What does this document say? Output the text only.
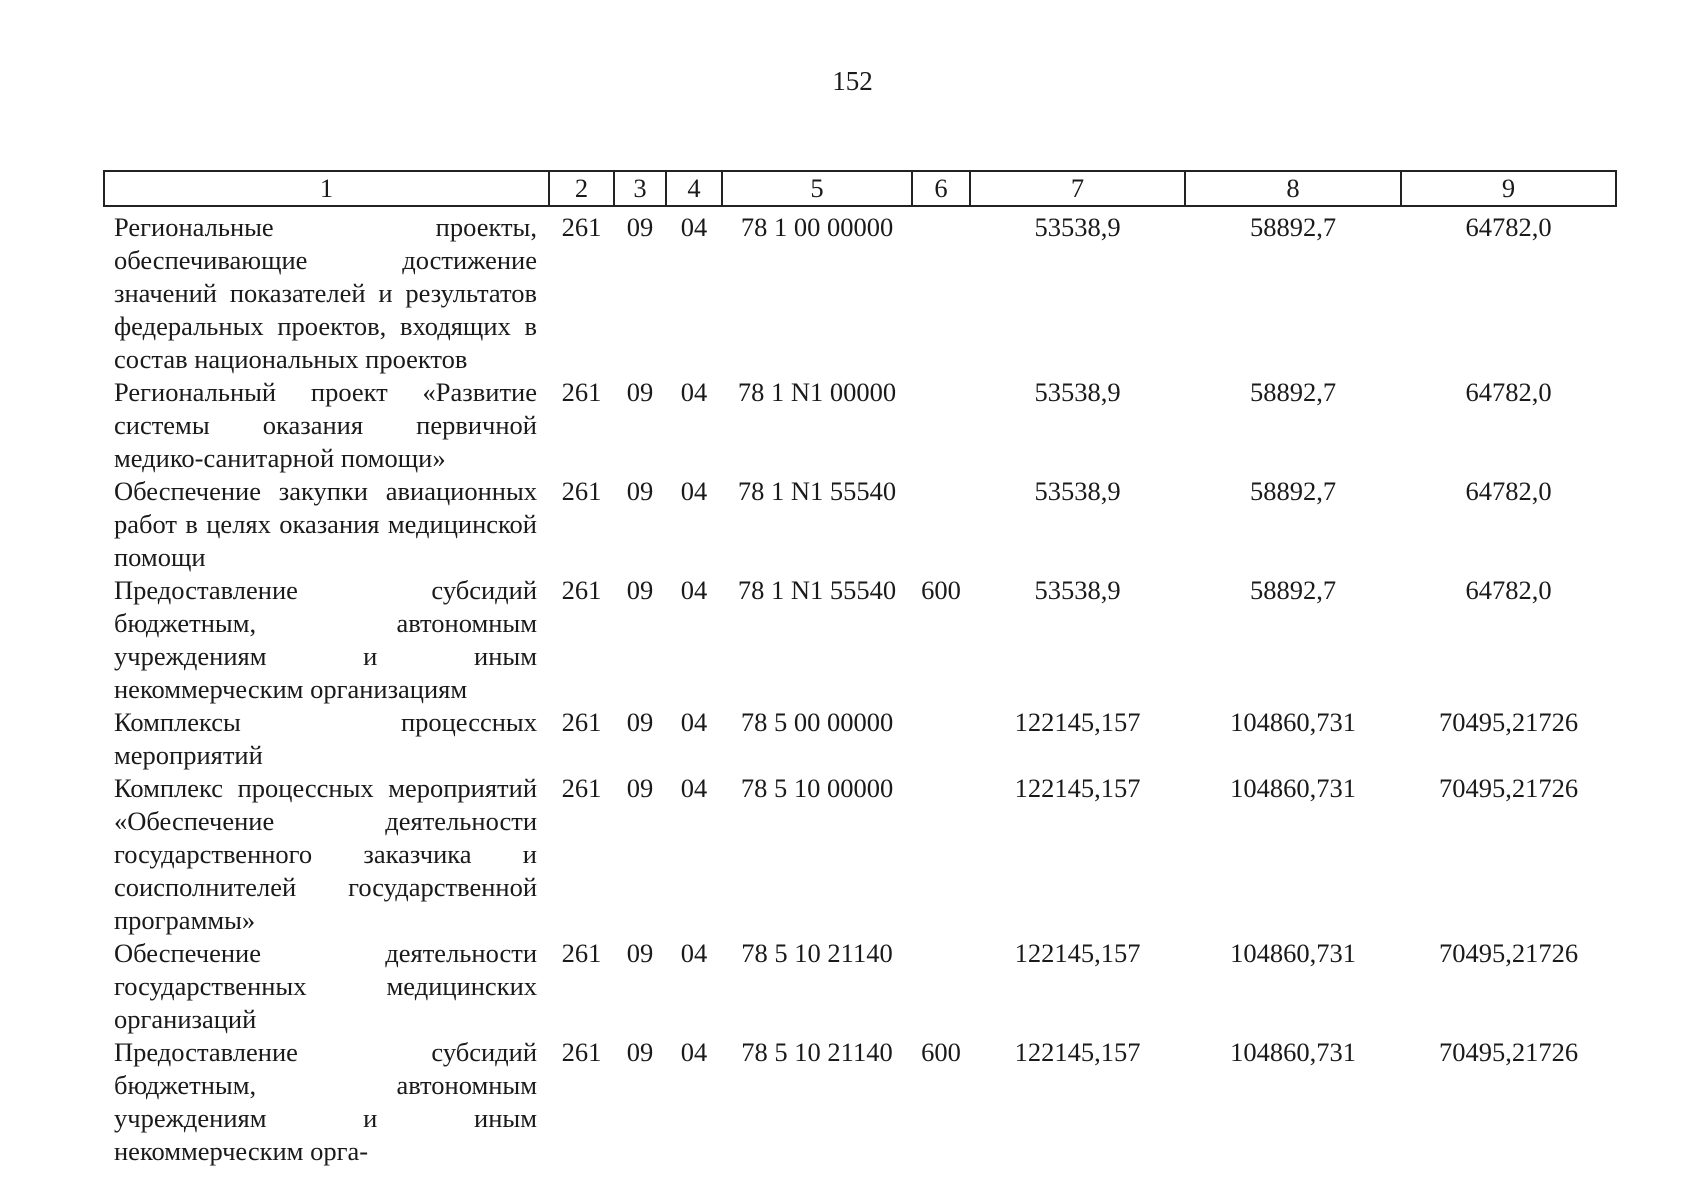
152
1	2	3	4	5	6	7	8	9
Региональные проекты, обеспечивающие достижение значений показателей и результатов федеральных проектов, входящих в состав национальных проектов	261	09	04	78 1 00 00000		53538,9	58892,7	64782,0
Региональный проект «Развитие системы оказания первичной медико-санитарной помощи»	261	09	04	78 1 N1 00000		53538,9	58892,7	64782,0
Обеспечение закупки авиационных работ в целях оказания медицинской помощи	261	09	04	78 1 N1 55540		53538,9	58892,7	64782,0
Предоставление субсидий бюджетным, автономным учреждениям и иным некоммерческим организациям	261	09	04	78 1 N1 55540	600	53538,9	58892,7	64782,0
Комплексы процессных мероприятий	261	09	04	78 5 00 00000		122145,157	104860,731	70495,21726
Комплекс процессных мероприятий «Обеспечение деятельности государственного заказчика и соисполнителей государственной программы»	261	09	04	78 5 10 00000		122145,157	104860,731	70495,21726
Обеспечение деятельности государственных медицинских организаций	261	09	04	78 5 10 21140		122145,157	104860,731	70495,21726
Предоставление субсидий бюджетным, автономным учреждениям и иным некоммерческим орга-	261	09	04	78 5 10 21140	600	122145,157	104860,731	70495,21726
